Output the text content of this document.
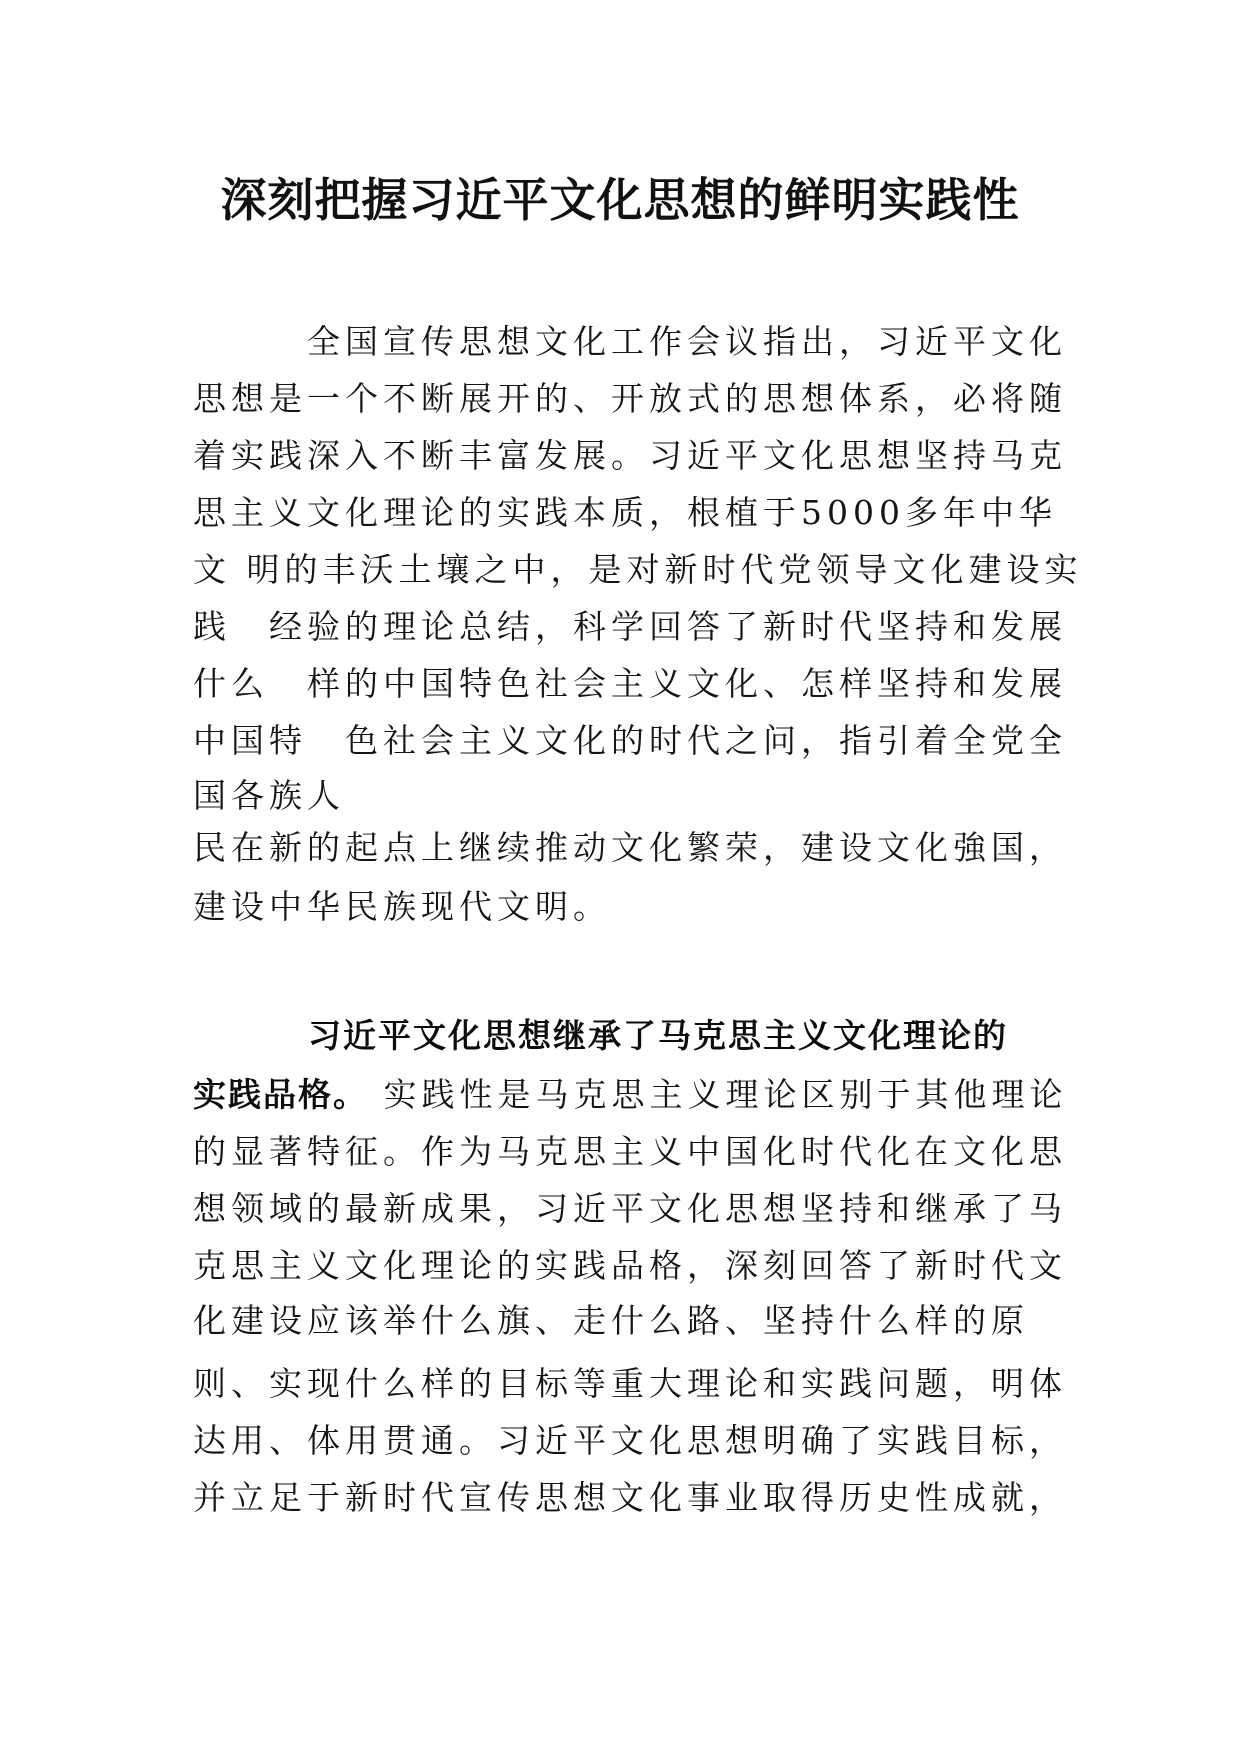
深刻把握习近平文化思想的鲜明实践性
　　　全国宣传思想文化工作会议指出，习近平文化
思想是一个不断展开的、开放式的思想体系，必将随
着实践深入不断丰富发展。习近平文化思想坚持马克
思主义文化理论的实践本质，根植于5000多年中华
文 明的丰沃土壤之中，是对新时代党领导文化建设实
践　经验的理论总结，科学回答了新时代坚持和发展
什么　样的中国特色社会主义文化、怎样坚持和发展
中国特　色社会主义文化的时代之问，指引着全党全
国各族人
民在新的起点上继续推动文化繁荣，建设文化強国，
建设中华民族现代文明。
习近平文化思想继承了马克思主义文化理论的
实践品格。 实践性是马克思主义理论区别于其他理论
的显著特征。作为马克思主义中国化时代化在文化思
想领域的最新成果，习近平文化思想坚持和继承了马
克思主义文化理论的实践品格，深刻回答了新时代文
化建设应该举什么旗、走什么路、坚持什么样的原
则、实现什么样的目标等重大理论和实践问题，明体
达用、体用贯通。习近平文化思想明确了实践目标，
并立足于新时代宣传思想文化事业取得历史性成就，
